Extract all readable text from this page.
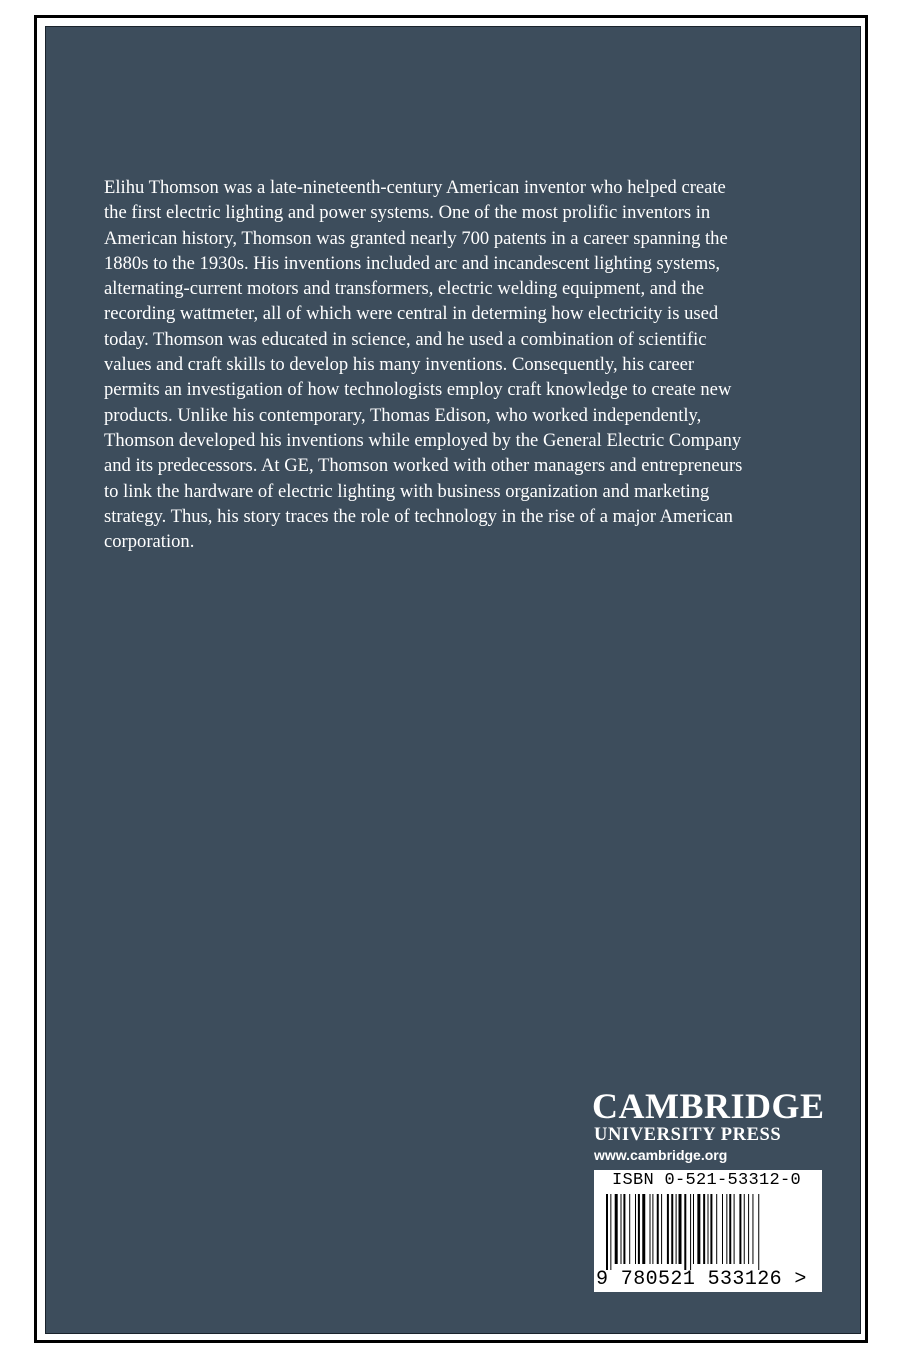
Elihu Thomson was a late-nineteenth-century American inventor who helped create
the first electric lighting and power systems. One of the most prolific inventors in
American history, Thomson was granted nearly 700 patents in a career spanning the
1880s to the 1930s. His inventions included arc and incandescent lighting systems,
alternating-current motors and transformers, electric welding equipment, and the
recording wattmeter, all of which were central in determing how electricity is used
today. Thomson was educated in science, and he used a combination of scientific
values and craft skills to develop his many inventions. Consequently, his career
permits an investigation of how technologists employ craft knowledge to create new
products. Unlike his contemporary, Thomas Edison, who worked independently,
Thomson developed his inventions while employed by the General Electric Company
and its predecessors. At GE, Thomson worked with other managers and entrepreneurs
to link the hardware of electric lighting with business organization and marketing
strategy. Thus, his story traces the role of technology in the rise of a major American
corporation.

CAMBRIDGE

UNIVERSITY PRESS

www.cambridge.org

ISBN 0-521-53312-0

9 780521 533126 >
